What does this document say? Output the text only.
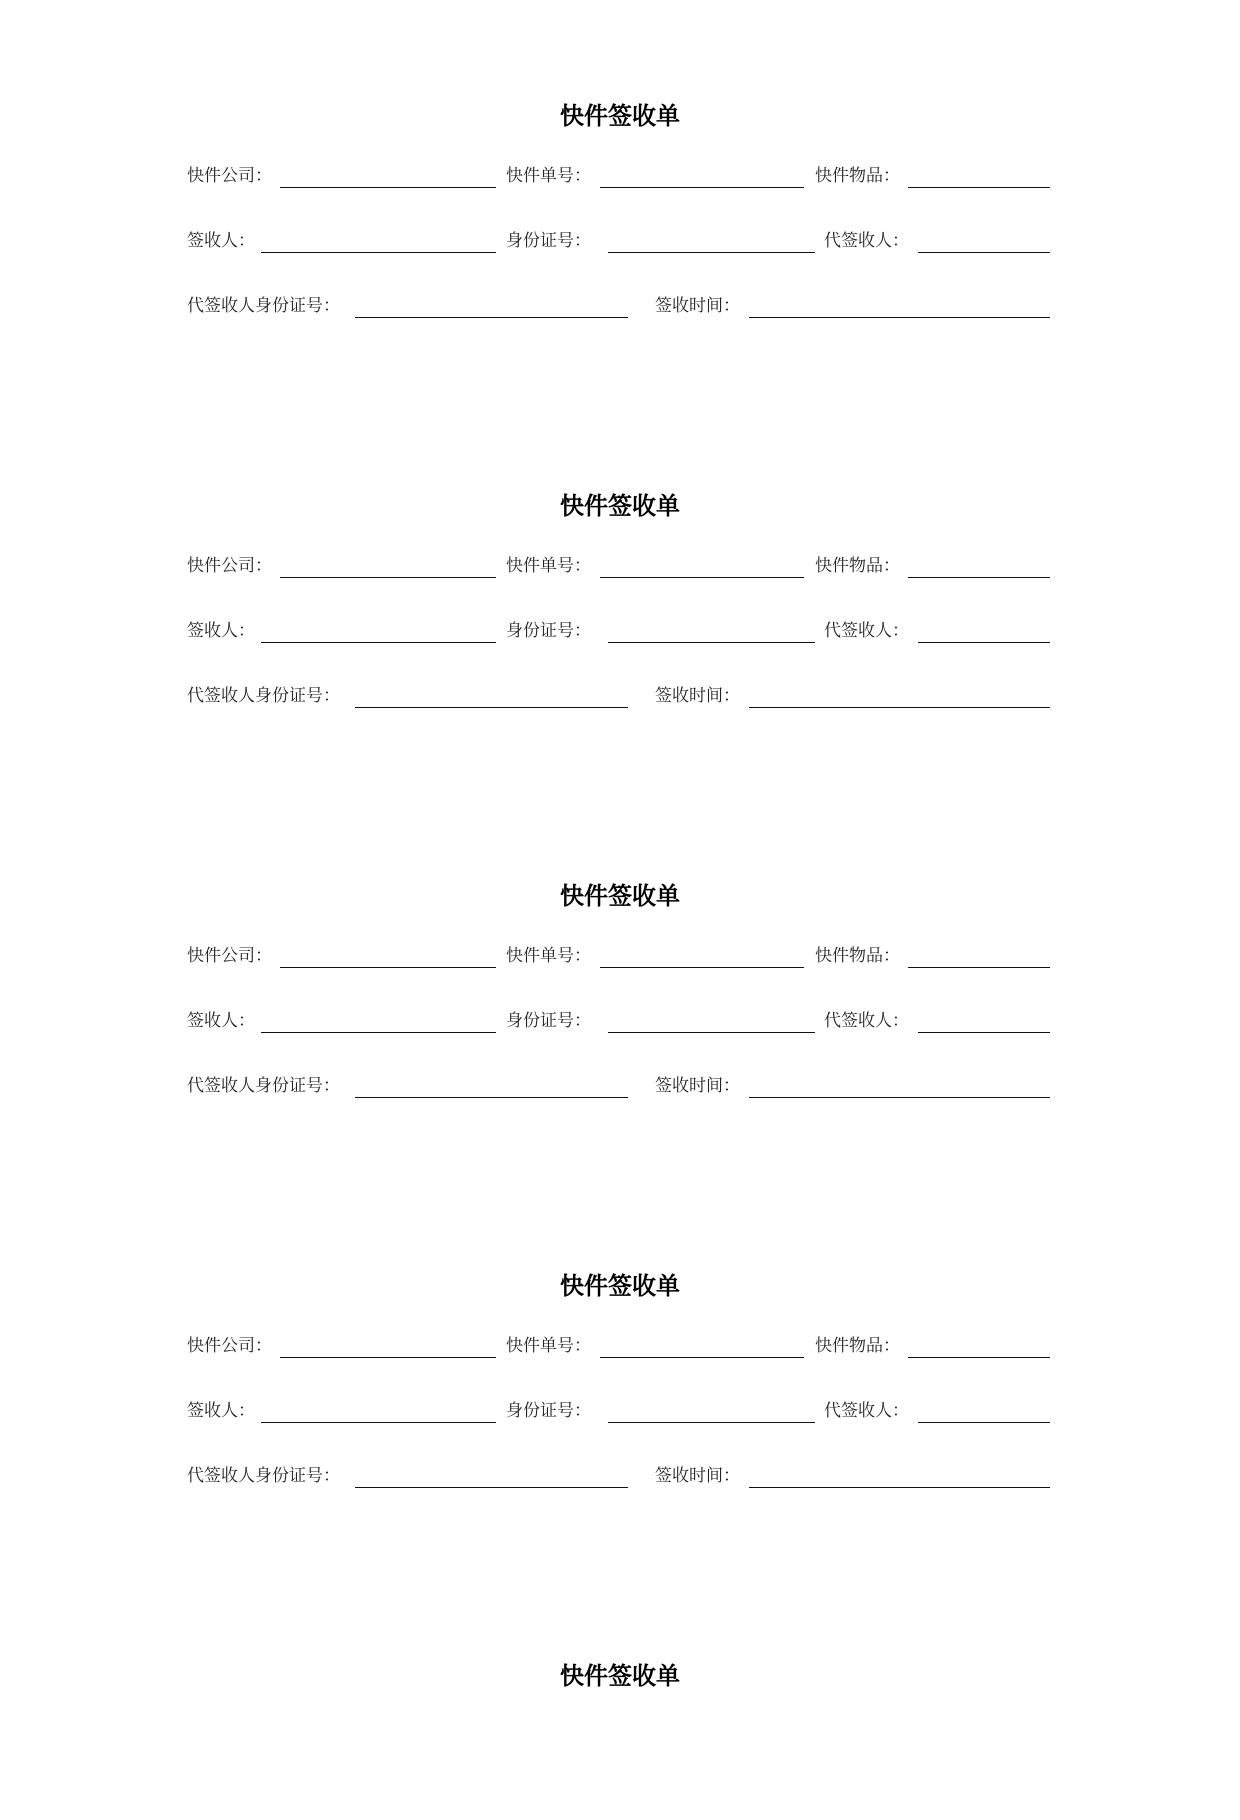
快件签收单
快件公司：	快件单号：	快件物品：
签收人：	身份证号：	代签收人：
代签收人身份证号：	签收时间：
快件签收单
快件公司：	快件单号：	快件物品：
签收人：	身份证号：	代签收人：
代签收人身份证号：	签收时间：
快件签收单
快件公司：	快件单号：	快件物品：
签收人：	身份证号：	代签收人：
代签收人身份证号：	签收时间：
快件签收单
快件公司：	快件单号：	快件物品：
签收人：	身份证号：	代签收人：
代签收人身份证号：	签收时间：
快件签收单
